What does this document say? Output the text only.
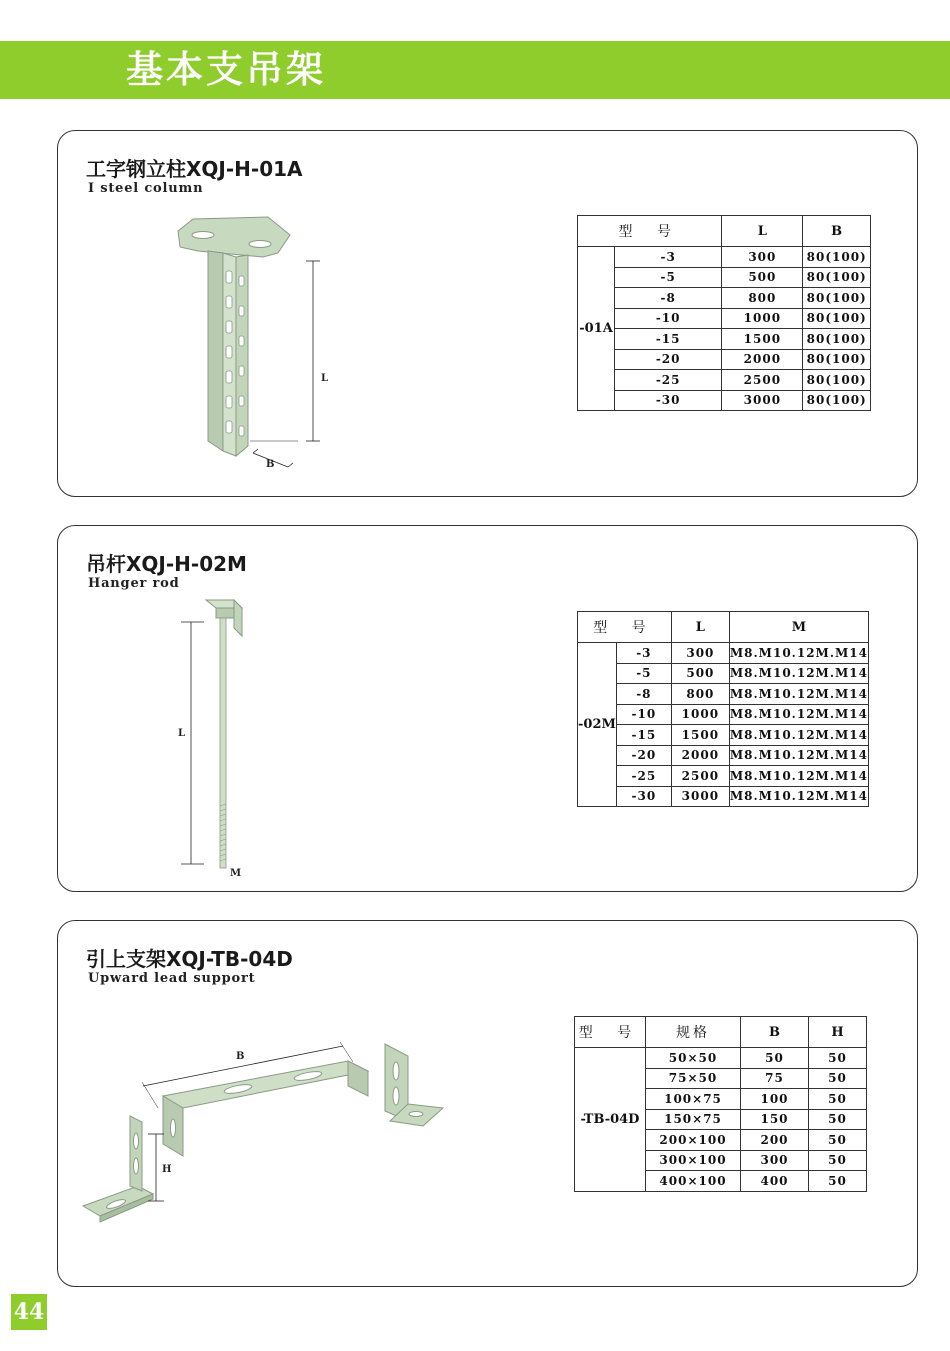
基本支吊架
工字钢立柱XQJ-H-01A
I steel column
L
B
型 号		L	B
-01A	-3	300	80(100)
	-5	500	80(100)
	-8	800	80(100)
	-10	1000	80(100)
	-15	1500	80(100)
	-20	2000	80(100)
	-25	2500	80(100)
	-30	3000	80(100)
吊杆XQJ-H-02M
Hanger rod
L
M
型 号		L	M
-02M	-3	300	M8.M10.12M.M14
	-5	500	M8.M10.12M.M14
	-8	800	M8.M10.12M.M14
	-10	1000	M8.M10.12M.M14
	-15	1500	M8.M10.12M.M14
	-20	2000	M8.M10.12M.M14
	-25	2500	M8.M10.12M.M14
	-30	3000	M8.M10.12M.M14
引上支架XQJ-TB-04D
Upward lead support
B
H
型 号	规格	B	H
-TB-04D	50×50	50	50
	75×50	75	50
	100×75	100	50
	150×75	150	50
	200×100	200	50
	300×100	300	50
	400×100	400	50
44
